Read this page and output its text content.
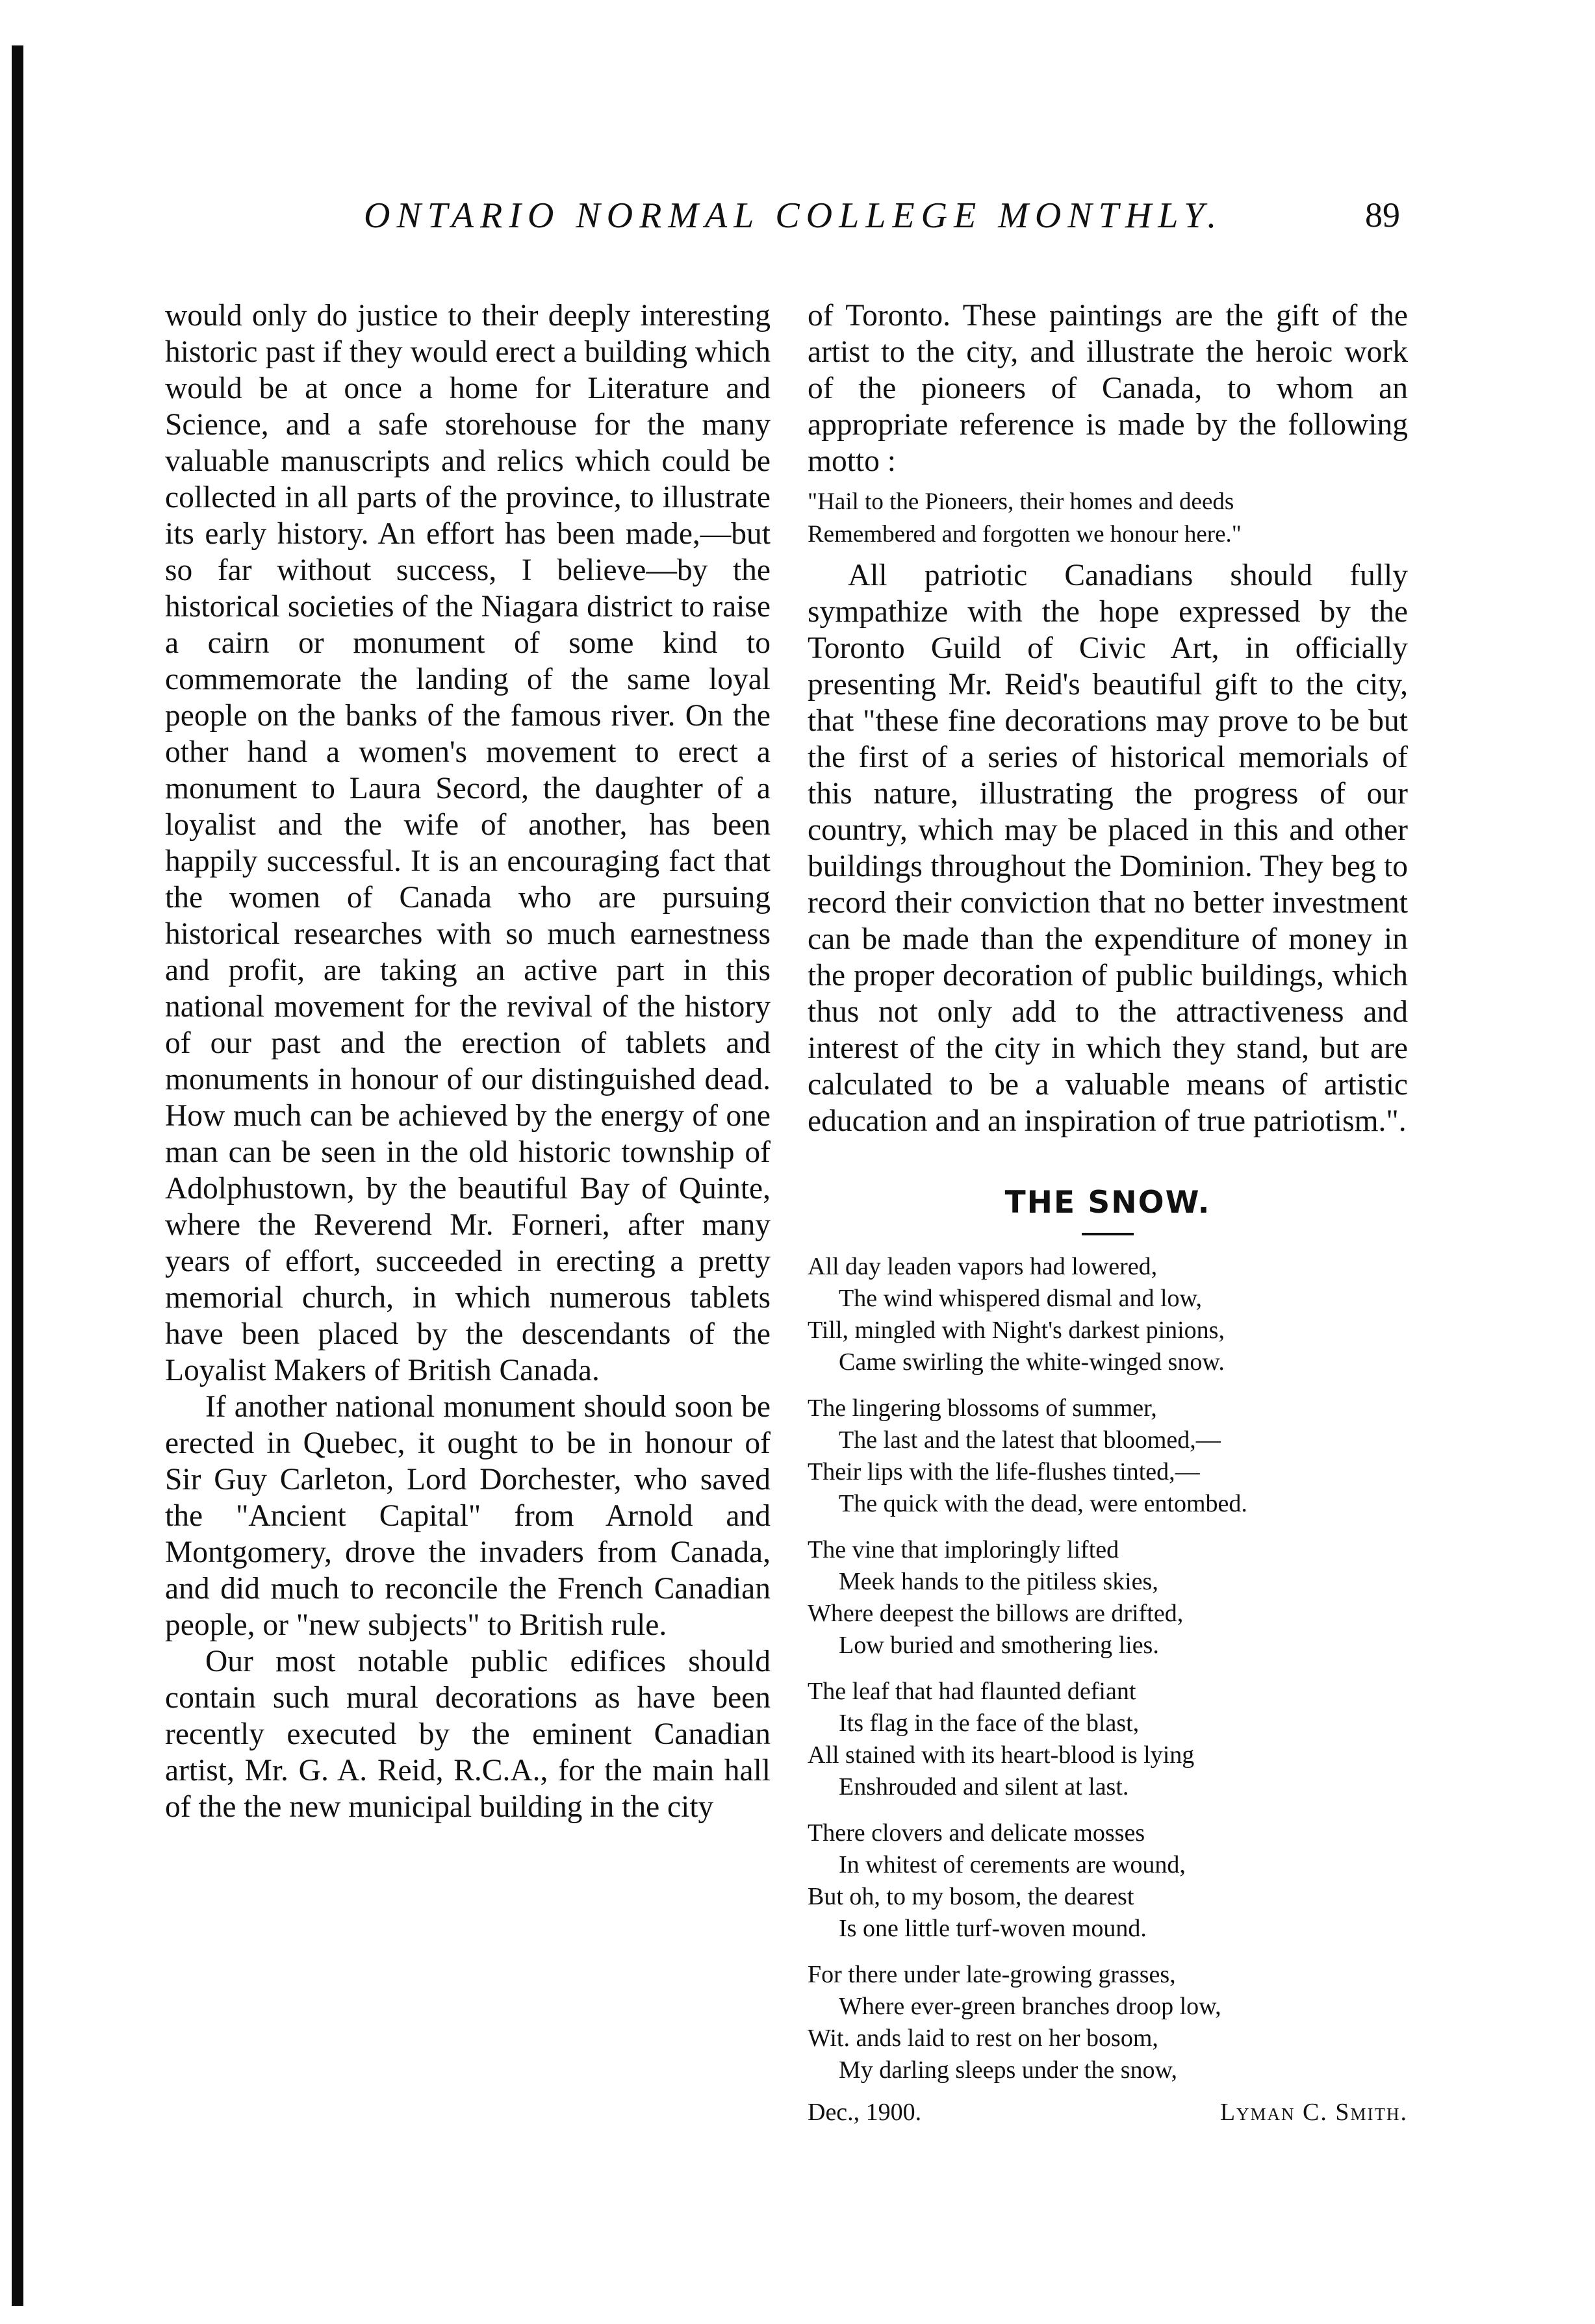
ONTARIO NORMAL COLLEGE MONTHLY.	89

would only do justice to their deeply interesting historic past if they would erect a building which would be at once a home for Literature and Science, and a safe storehouse for the many valuable manuscripts and relics which could be collected in all parts of the province, to illustrate its early history. An effort has been made,—but so far without success, I believe—by the historical societies of the Niagara district to raise a cairn or monument of some kind to commemorate the landing of the same loyal people on the banks of the famous river. On the other hand a women's movement to erect a monument to Laura Secord, the daughter of a loyalist and the wife of another, has been happily successful. It is an encouraging fact that the women of Canada who are pursuing historical researches with so much earnestness and profit, are taking an active part in this national movement for the revival of the history of our past and the erection of tablets and monuments in honour of our distinguished dead. How much can be achieved by the energy of one man can be seen in the old historic township of Adolphustown, by the beautiful Bay of Quinte, where the Reverend Mr. Forneri, after many years of effort, succeeded in erecting a pretty memorial church, in which numerous tablets have been placed by the descendants of the Loyalist Makers of British Canada.

If another national monument should soon be erected in Quebec, it ought to be in honour of Sir Guy Carleton, Lord Dorchester, who saved the "Ancient Capital" from Arnold and Montgomery, drove the invaders from Canada, and did much to reconcile the French Canadian people, or "new subjects" to British rule.

Our most notable public edifices should contain such mural decorations as have been recently executed by the eminent Canadian artist, Mr. G. A. Reid, R.C.A., for the main hall of the the new municipal building in the city

of Toronto. These paintings are the gift of the artist to the city, and illustrate the heroic work of the pioneers of Canada, to whom an appropriate reference is made by the following motto :

"Hail to the Pioneers, their homes and deeds
Remembered and forgotten we honour here."

All patriotic Canadians should fully sympathize with the hope expressed by the Toronto Guild of Civic Art, in officially presenting Mr. Reid's beautiful gift to the city, that "these fine decorations may prove to be but the first of a series of historical memorials of this nature, illustrating the progress of our country, which may be placed in this and other buildings throughout the Dominion. They beg to record their conviction that no better investment can be made than the expenditure of money in the proper decoration of public buildings, which thus not only add to the attractiveness and interest of the city in which they stand, but are calculated to be a valuable means of artistic education and an inspiration of true patriotism.".

THE SNOW.
All day leaden vapors had lowered,
The wind whispered dismal and low,
Till, mingled with Night's darkest pinions,
Came swirling the white-winged snow.
The lingering blossoms of summer,
The last and the latest that bloomed,—
Their lips with the life-flushes tinted,—
The quick with the dead, were entombed.
The vine that imploringly lifted
Meek hands to the pitiless skies,
Where deepest the billows are drifted,
Low buried and smothering lies.
The leaf that had flaunted defiant
Its flag in the face of the blast,
All stained with its heart-blood is lying
Enshrouded and silent at last.
There clovers and delicate mosses
In whitest of cerements are wound,
But oh, to my bosom, the dearest
Is one little turf-woven mound.
For there under late-growing grasses,
Where ever-green branches droop low,
Wit. ands laid to rest on her bosom,
My darling sleeps under the snow,
Dec., 1900.	Lyman C. Smith.
